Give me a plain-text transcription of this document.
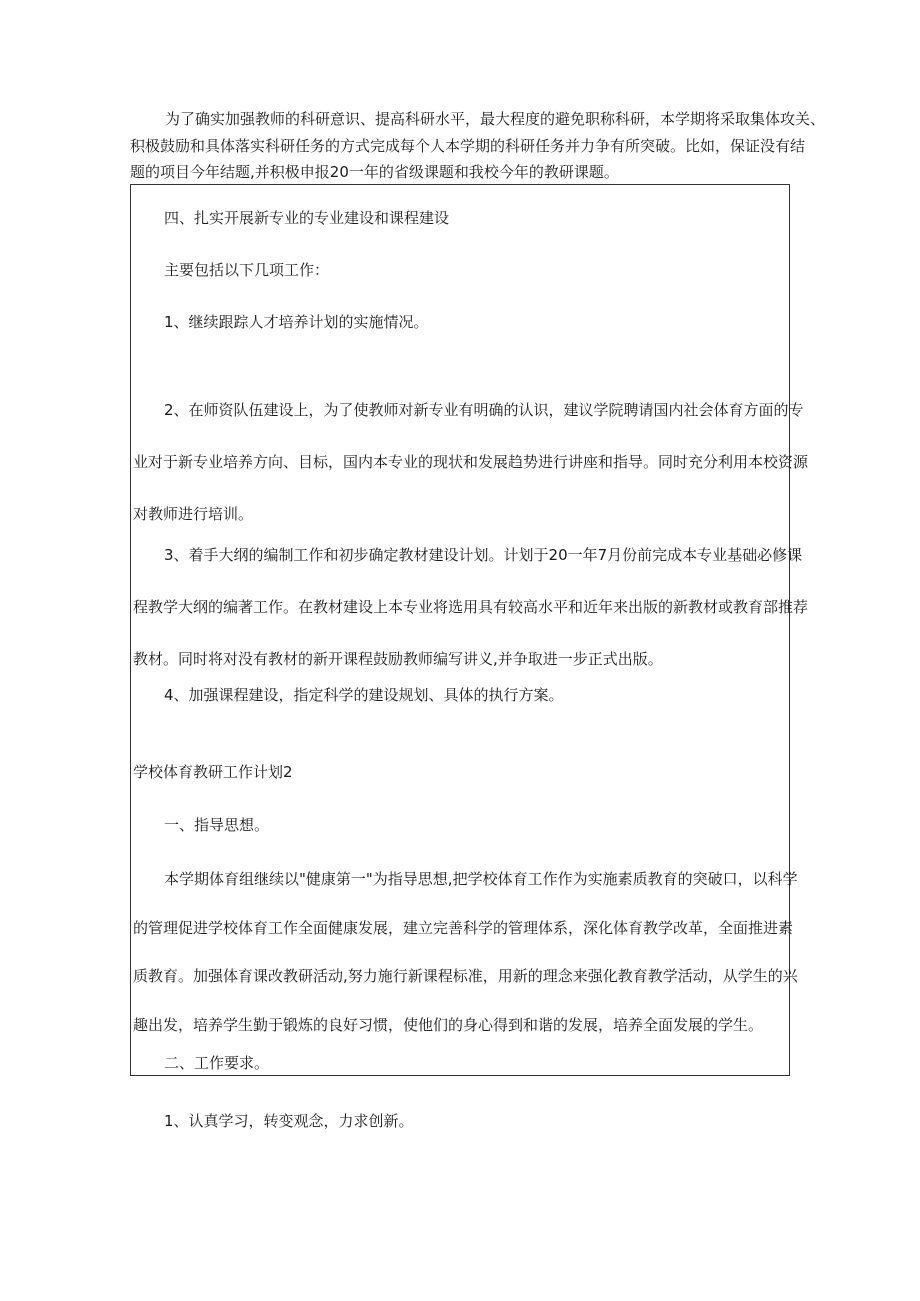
为了确实加强教师的科研意识、提高科研水平，最大程度的避免职称科研，本学期将采取集体攻关、
积极鼓励和具体落实科研任务的方式完成每个人本学期的科研任务并力争有所突破。比如，保证没有结
题的项目今年结题,并积极申报20一年的省级课题和我校今年的教研课题。
四、扎实开展新专业的专业建设和课程建设
主要包括以下几项工作：
1、继续跟踪人才培养计划的实施情况。
2、在师资队伍建设上，为了使教师对新专业有明确的认识，建议学院聘请国内社会体育方面的专
业对于新专业培养方向、目标，国内本专业的现状和发展趋势进行讲座和指导。同时充分利用本校资源
对教师进行培训。
3、着手大纲的编制工作和初步确定教材建设计划。计划于20一年7月份前完成本专业基础必修课
程教学大纲的编著工作。在教材建设上本专业将选用具有较高水平和近年来出版的新教材或教育部推荐
教材。同时将对没有教材的新开课程鼓励教师编写讲义,并争取进一步正式出版。
4、加强课程建设，指定科学的建设规划、具体的执行方案。
学校体育教研工作计划2
一、指导思想。
本学期体育组继续以"健康第一"为指导思想,把学校体育工作作为实施素质教育的突破口，以科学
的管理促进学校体育工作全面健康发展，建立完善科学的管理体系，深化体育教学改革，全面推进素
质教育。加强体育课改教研活动,努力施行新课程标准，用新的理念来强化教育教学活动，从学生的兴
趣出发，培养学生勤于锻炼的良好习惯，使他们的身心得到和谐的发展，培养全面发展的学生。
二、工作要求。
1、认真学习，转变观念，力求创新。
